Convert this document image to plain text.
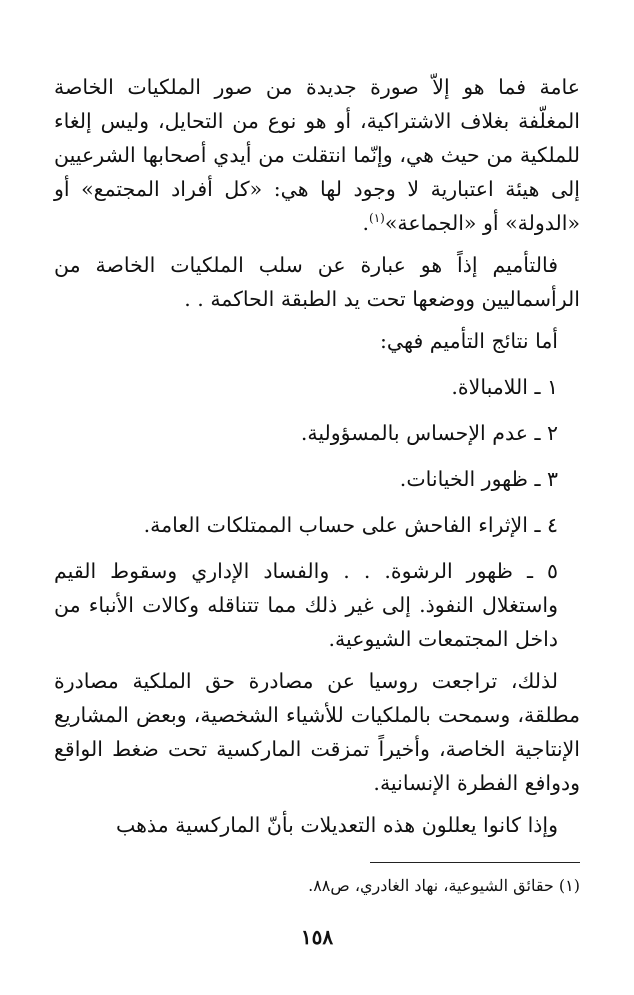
عامة فما هو إلاّ صورة جديدة من صور الملكيات الخاصة المغلّفة بغلاف الاشتراكية، أو هو نوع من التحايل، وليس إلغاء للملكية من حيث هي، وإنّما انتقلت من أيدي أصحابها الشرعيين إلى هيئة اعتبارية لا وجود لها هي: «كل أفراد المجتمع» أو «الدولة» أو «الجماعة»$^{(١)}$.

فالتأميم إذاً هو عبارة عن سلب الملكيات الخاصة من الرأسماليين ووضعها تحت يد الطبقة الحاكمة . .

أما نتائج التأميم فهي:

١ ـ اللامبالاة.

٢ ـ عدم الإحساس بالمسؤولية.

٣ ـ ظهور الخيانات.

٤ ـ الإثراء الفاحش على حساب الممتلكات العامة.

٥ ـ ظهور الرشوة. . . والفساد الإداري وسقوط القيم واستغلال النفوذ. إلى غير ذلك مما تتناقله وكالات الأنباء من داخل المجتمعات الشيوعية.

لذلك، تراجعت روسيا عن مصادرة حق الملكية مصادرة مطلقة، وسمحت بالملكيات للأشياء الشخصية، وبعض المشاريع الإنتاجية الخاصة، وأخيراً تمزقت الماركسية تحت ضغط الواقع ودوافع الفطرة الإنسانية.

وإذا كانوا يعللون هذه التعديلات بأنّ الماركسية مذهب

(١) حقائق الشيوعية، نهاد الغادري، ص٨٨.
١٥٨
